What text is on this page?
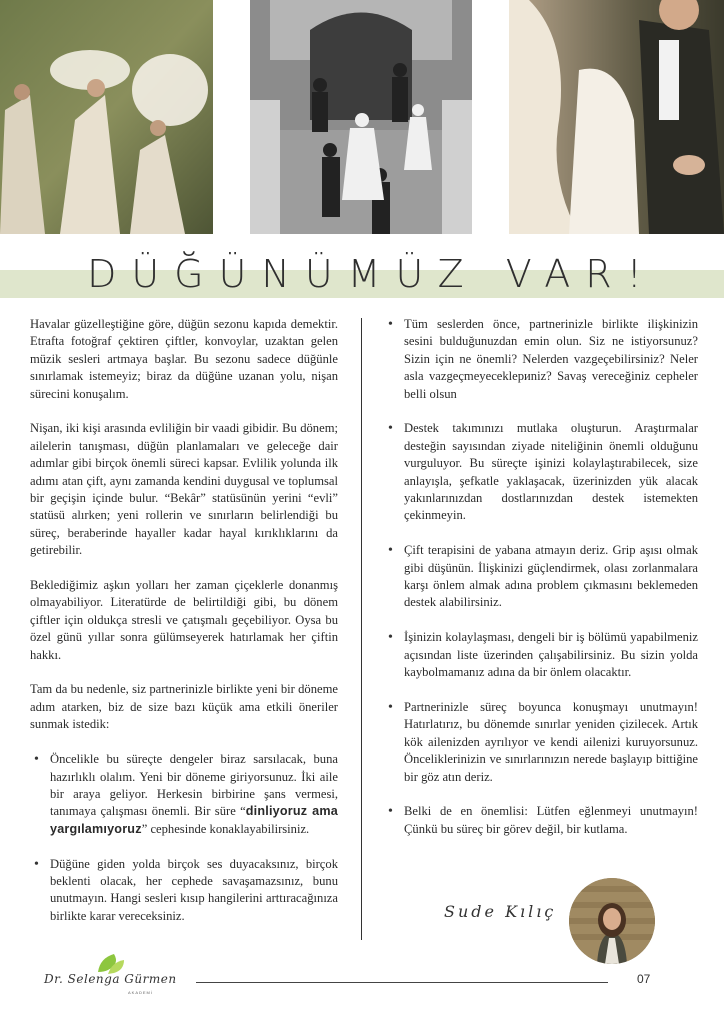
DÜĞÜNÜMÜZ VAR!

Havalar güzelleştiğine göre, düğün sezonu kapıda demektir. Etrafta fotoğraf çektiren çiftler, konvoylar, uzaktan gelen müzik sesleri artmaya başlar. Bu sezonu sadece düğünle sınırlamak istemeyiz; biraz da düğüne uzanan yolu, nişan sürecini konuşalım.

Nişan, iki kişi arasında evliliğin bir vaadi gibidir. Bu dönem; ailelerin tanışması, düğün planlamaları ve geleceğe dair adımlar gibi birçok önemli süreci kapsar. Evlilik yolunda ilk adımı atan çift, aynı zamanda kendini duygusal ve toplumsal bir geçişin içinde bulur. “Bekâr” statüsünün yerini “evli” statüsü alırken; yeni rollerin ve sınırların belirlendiği bu süreç, beraberinde hayaller kadar hayal kırıklıklarını da getirebilir.

Beklediğimiz aşkın yolları her zaman çiçeklerle donanmış olmayabiliyor. Literatürde de belirtildiği gibi, bu dönem çiftler için oldukça stresli ve çatışmalı geçebiliyor. Oysa bu özel günü yıllar sonra gülümseyerek hatırlamak her çiftin hakkı.

Tam da bu nedenle, siz partnerinizle birlikte yeni bir döneme adım atarken, biz de size bazı küçük ama etkili öneriler sunmak istedik:

• Öncelikle bu süreçte dengeler biraz sarsılacak, buna hazırlıklı olalım. Yeni bir döneme giriyorsunuz. İki aile bir araya geliyor. Herkesin birbirine şans vermesi, tanımaya çalışması önemli. Bir süre “dinliyoruz ama yargılamıyoruz” cephesinde konaklayabilirsiniz.
• Düğüne giden yolda birçok ses duyacaksınız, birçok beklenti olacak, her cephede savaşamazsınız, bunu unutmayın. Hangi sesleri kısıp hangilerini arttıracağınıza birlikte karar vereceksiniz.
• Tüm seslerden önce, partnerinizle birlikte ilişkinizin sesini bulduğunuzdan emin olun. Siz ne istiyorsunuz? Sizin için ne önemli? Nelerden vazgeçebilirsiniz? Neler asla vazgeçmeyeceklериniz? Savaş vereceğiniz cepheler belli olsun
• Destek takımınızı mutlaka oluşturun. Araştırmalar desteğin sayısından ziyade niteliğinin önemli olduğunu vurguluyor. Bu süreçte işinizi kolaylaştırabilecek, size anlayışla, şefkatle yaklaşacak, üzerinizden yük alacak yakınlarınızdan dostlarınızdan destek istemekten çekinmeyin.
• Çift terapisini de yabana atmayın deriz. Grip aşısı olmak gibi düşünün. İlişkinizi güçlendirmek, olası zorlanmalara karşı önlem almak adına problem çıkmasını beklemeden destek alabilirsiniz.
• İşinizin kolaylaşması, dengeli bir iş bölümü yapabilmeniz açısından liste üzerinden çalışabilirsiniz. Bu sizin yolda kaybolmamanız adına da bir önlem olacaktır.
• Partnerinizle süreç boyunca konuşmayı unutmayın! Hatırlatırız, bu dönemde sınırlar yeniden çizilecek. Artık kök ailenizden ayrılıyor ve kendi ailenizi kuruyorsunuz. Önceliklerinizin ve sınırlarınızın nerede başlayıp bittiğine bir göz atın deriz.
• Belki de en önemlisi: Lütfen eğlenmeyi unutmayın! Çünkü bu süreç bir görev değil, bir kutlama.
Sude Kılıç
Dr. Selenga Gürmen
AKADEMİ
07
